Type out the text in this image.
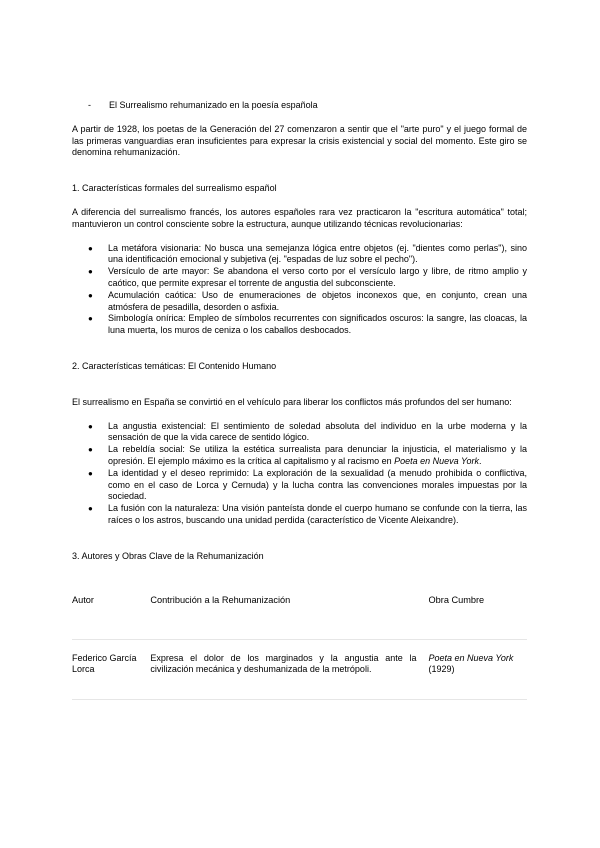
-	El Surrealismo rehumanizado en la poesía española

A partir de 1928, los poetas de la Generación del 27 comenzaron a sentir que el "arte puro" y el juego formal de las primeras vanguardias eran insuficientes para expresar la crisis existencial y social del momento. Este giro se denomina rehumanización.

1. Características formales del surrealismo español

A diferencia del surrealismo francés, los autores españoles rara vez practicaron la "escritura automática" total; mantuvieron un control consciente sobre la estructura, aunque utilizando técnicas revolucionarias:

● La metáfora visionaria: No busca una semejanza lógica entre objetos (ej. "dientes como perlas"), sino una identificación emocional y subjetiva (ej. "espadas de luz sobre el pecho").
● Versículo de arte mayor: Se abandona el verso corto por el versículo largo y libre, de ritmo amplio y caótico, que permite expresar el torrente de angustia del subconsciente.
● Acumulación caótica: Uso de enumeraciones de objetos inconexos que, en conjunto, crean una atmósfera de pesadilla, desorden o asfixia.
● Simbología onírica: Empleo de símbolos recurrentes con significados oscuros: la sangre, las cloacas, la luna muerta, los muros de ceniza o los caballos desbocados.
2. Características temáticas: El Contenido Humano

El surrealismo en España se convirtió en el vehículo para liberar los conflictos más profundos del ser humano:

● La angustia existencial: El sentimiento de soledad absoluta del individuo en la urbe moderna y la sensación de que la vida carece de sentido lógico.
● La rebeldía social: Se utiliza la estética surrealista para denunciar la injusticia, el materialismo y la opresión. El ejemplo máximo es la crítica al capitalismo y al racismo en Poeta en Nueva York.
● La identidad y el deseo reprimido: La exploración de la sexualidad (a menudo prohibida o conflictiva, como en el caso de Lorca y Cernuda) y la lucha contra las convenciones morales impuestas por la sociedad.
● La fusión con la naturaleza: Una visión panteísta donde el cuerpo humano se confunde con la tierra, las raíces o los astros, buscando una unidad perdida (característico de Vicente Aleixandre).
3. Autores y Obras Clave de la Rehumanización
Autor	Contribución a la Rehumanización	Obra Cumbre

Federico García Lorca	Expresa el dolor de los marginados y la angustia ante la civilización mecánica y deshumanizada de la metrópoli.	Poeta en Nueva York
(1929)
